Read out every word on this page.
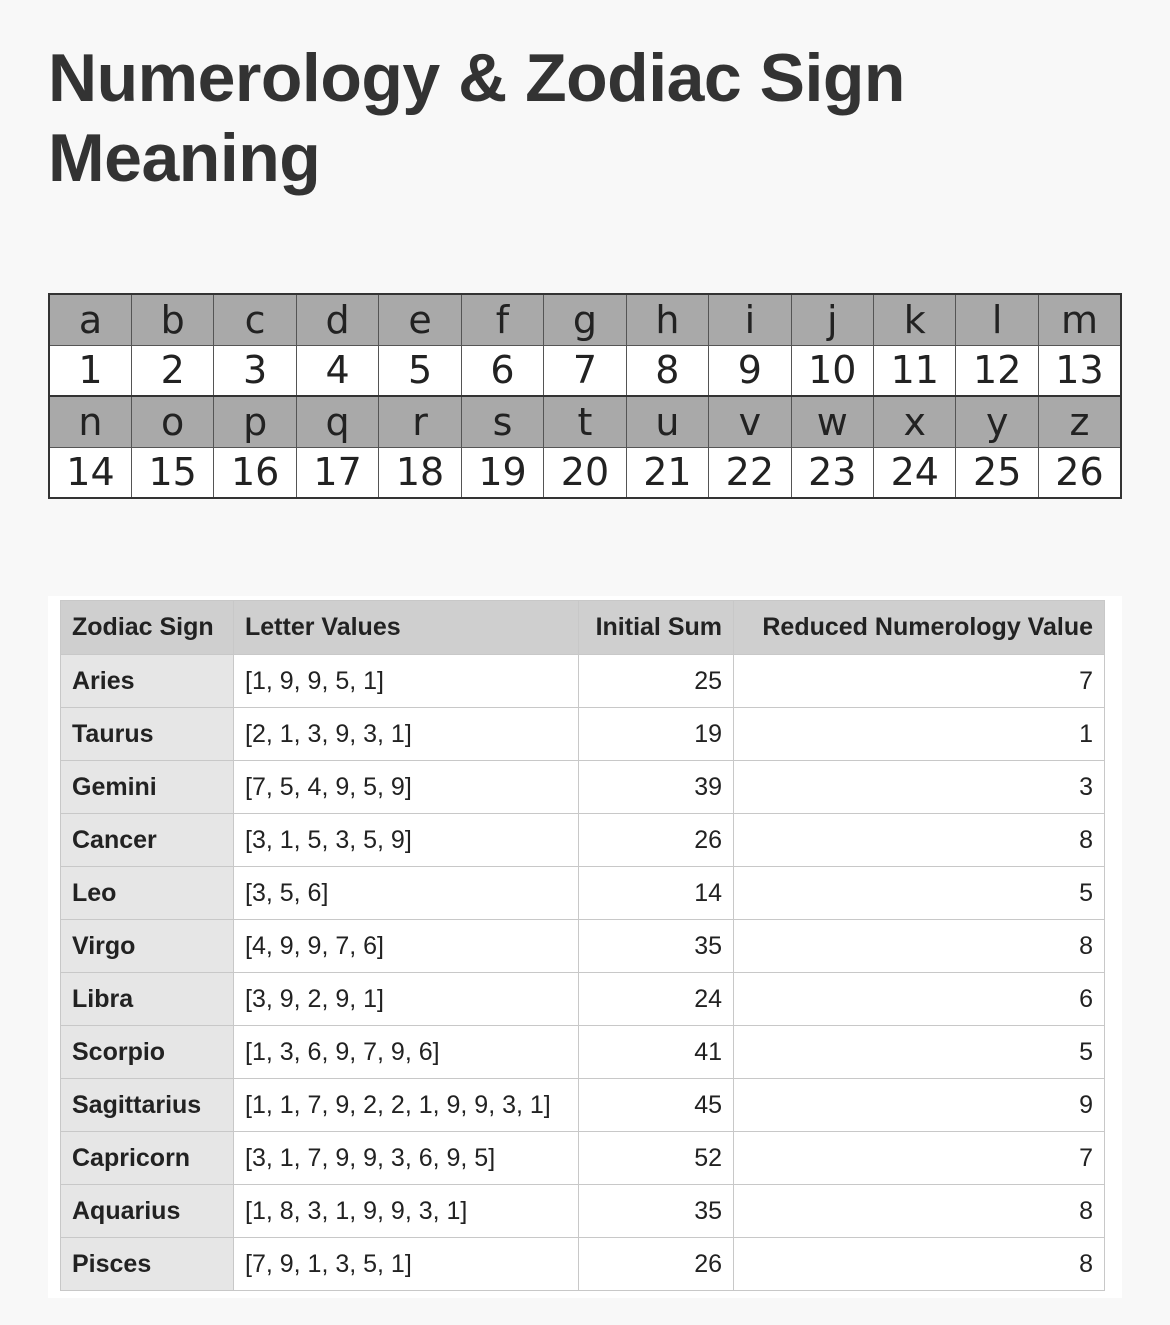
Numerology & Zodiac Sign Meaning
a	b	c	d	e	f	g	h	i	j	k	l	m
1	2	3	4	5	6	7	8	9	10	11	12	13
n	o	p	q	r	s	t	u	v	w	x	y	z
14	15	16	17	18	19	20	21	22	23	24	25	26
Zodiac Sign	Letter Values	Initial Sum	Reduced Numerology Value
Aries	[1, 9, 9, 5, 1]	25	7
Taurus	[2, 1, 3, 9, 3, 1]	19	1
Gemini	[7, 5, 4, 9, 5, 9]	39	3
Cancer	[3, 1, 5, 3, 5, 9]	26	8
Leo	[3, 5, 6]	14	5
Virgo	[4, 9, 9, 7, 6]	35	8
Libra	[3, 9, 2, 9, 1]	24	6
Scorpio	[1, 3, 6, 9, 7, 9, 6]	41	5
Sagittarius	[1, 1, 7, 9, 2, 2, 1, 9, 9, 3, 1]	45	9
Capricorn	[3, 1, 7, 9, 9, 3, 6, 9, 5]	52	7
Aquarius	[1, 8, 3, 1, 9, 9, 3, 1]	35	8
Pisces	[7, 9, 1, 3, 5, 1]	26	8
